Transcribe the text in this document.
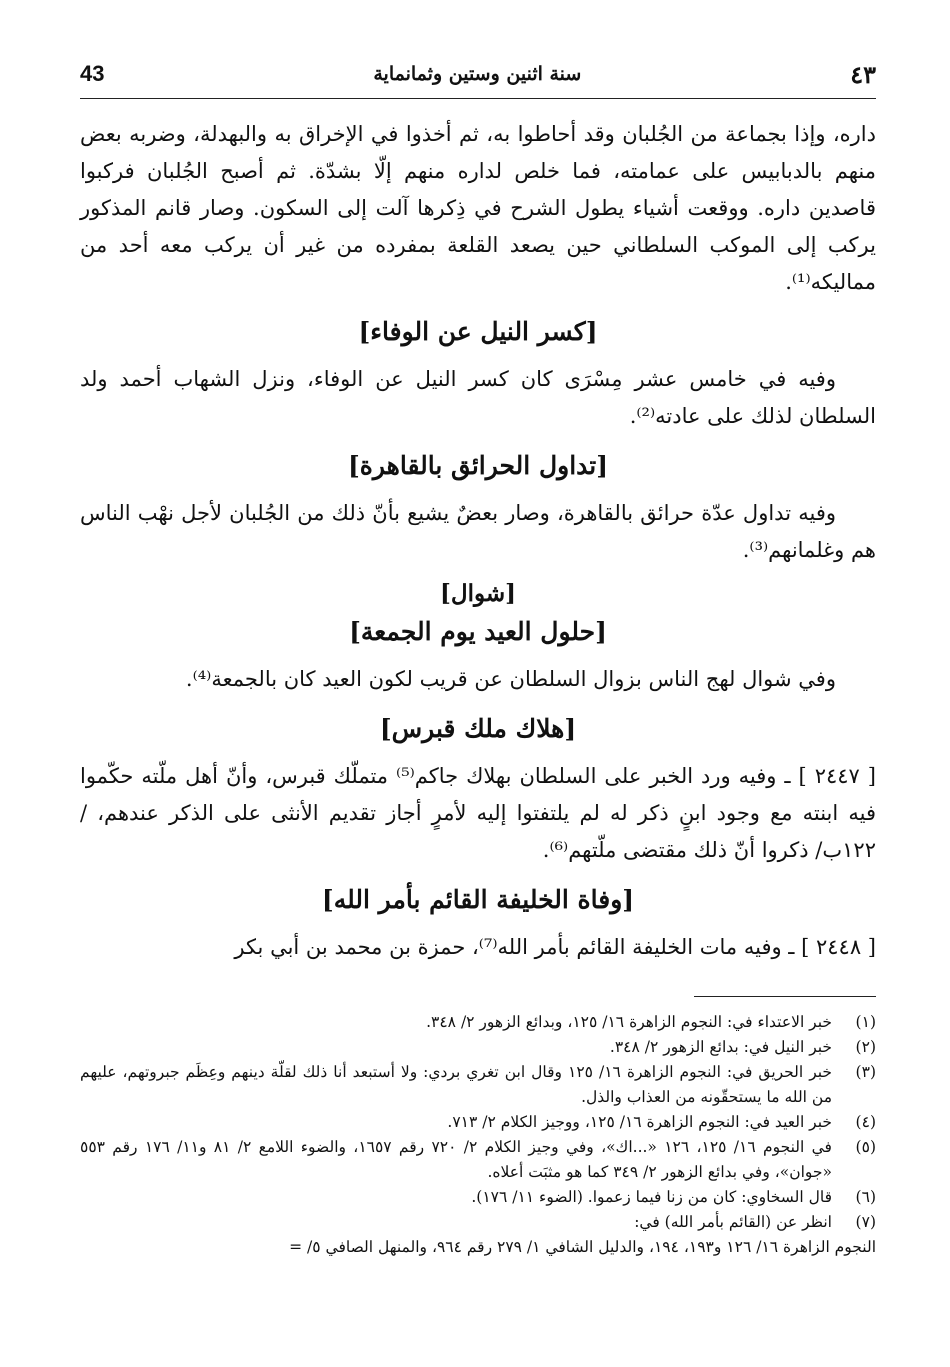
43	سنة اثنين وستين وثمانماية	٤٣

داره، وإذا بجماعة من الجُلبان وقد أحاطوا به، ثم أخذوا في الإخراق به والبهدلة، وضربه بعض منهم بالدبابيس على عمامته، فما خلص لداره منهم إلّا بشدّة. ثم أصبح الجُلبان فركبوا قاصدين داره. ووقعت أشياء يطول الشرح في ذِكرها آلت إلى السكون. وصار قانم المذكور يركب إلى الموكب السلطاني حين يصعد القلعة بمفرده من غير أن يركب معه أحد من مماليكه⁽¹⁾.

[كسر النيل عن الوفاء]

وفيه في خامس عشر مِسْرَى كان كسر النيل عن الوفاء، ونزل الشهاب أحمد ولد السلطان لذلك على عادته⁽²⁾.

[تداول الحرائق بالقاهرة]

وفيه تداول عدّة حرائق بالقاهرة، وصار بعضٌ يشيع بأنّ ذلك من الجُلبان لأجل نهْب الناس هم وغلمانهم⁽³⁾.

[شوال]
[حلول العيد يوم الجمعة]

وفي شوال لهج الناس بزوال السلطان عن قريب لكون العيد كان بالجمعة⁽⁴⁾.

[هلاك ملك قبرس]

[ ٢٤٤٧ ] ـ وفيه ورد الخبر على السلطان بهلاك جاكم⁽⁵⁾ متملّك قبرس، وأنّ أهل ملّته حكّموا فيه ابنته مع وجود ابنٍ ذكر له لم يلتفتوا إليه لأمرٍ أجاز تقديم الأنثى على الذكر عندهم، / ١٢٢ب/ ذكروا أنّ ذلك مقتضى ملّتهم⁽⁶⁾.

[وفاة الخليفة القائم بأمر الله]

[ ٢٤٤٨ ] ـ وفيه مات الخليفة القائم بأمر الله⁽⁷⁾، حمزة بن محمد بن أبي بكر

(١)
خبر الاعتداء في: النجوم الزاهرة ١٦/ ١٢٥، وبدائع الزهور ٢/ ٣٤٨.
(٢)
خبر النيل في: بدائع الزهور ٢/ ٣٤٨.
(٣)
خبر الحريق في: النجوم الزاهرة ١٦/ ١٢٥ وقال ابن تغري بردي: ولا أستبعد أنا ذلك لقلّة دينهم وعِظَم جبروتهم، عليهم من الله ما يستحقّونه من العذاب والذل.
(٤)
خبر العيد في: النجوم الزاهرة ١٦/ ١٢٥، ووجيز الكلام ٢/ ٧١٣.
(٥)
في النجوم ١٦/ ١٢٥، ١٢٦ «...اك»، وفي وجيز الكلام ٢/ ٧٢٠ رقم ١٦٥٧، والضوء اللامع ٢/ ٨١ و١١/ ١٧٦ رقم ٥٥٣ «جوان»، وفي بدائع الزهور ٢/ ٣٤٩ كما هو مثبَت أعلاه.
(٦)
قال السخاوي: كان من زنا فيما زعموا. (الضوء ١١/ ١٧٦).
(٧)
انظر عن (القائم بأمر الله) في:

النجوم الزاهرة ١٦/ ١٢٦ و١٩٣، ١٩٤، والدليل الشافي ١/ ٢٧٩ رقم ٩٦٤، والمنهل الصافي ٥/ =
